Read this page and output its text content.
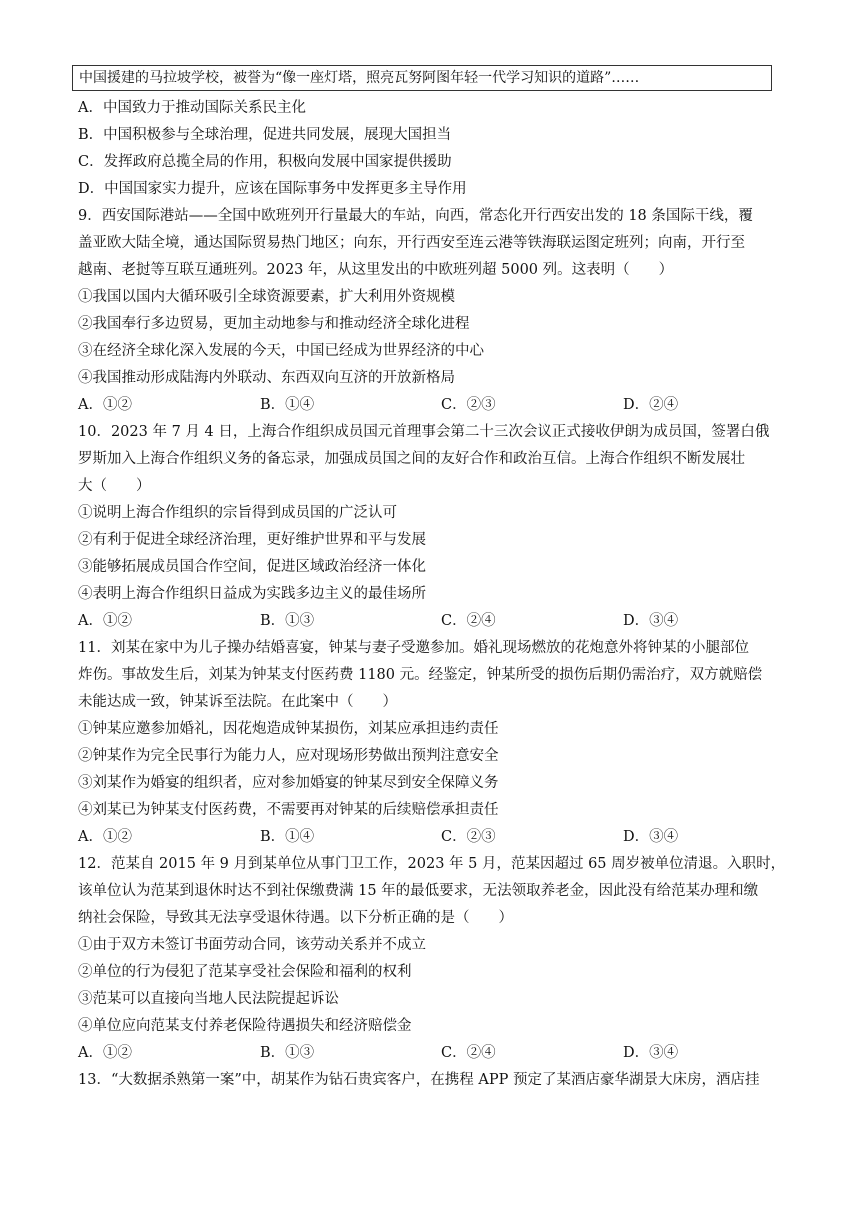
中国援建的马拉坡学校，被誉为“像一座灯塔，照亮瓦努阿图年轻一代学习知识的道路”……
A．中国致力于推动国际关系民主化
B．中国积极参与全球治理，促进共同发展，展现大国担当
C．发挥政府总揽全局的作用，积极向发展中国家提供援助
D．中国国家实力提升，应该在国际事务中发挥更多主导作用
9．西安国际港站——全国中欧班列开行量最大的车站，向西，常态化开行西安出发的 18 条国际干线，覆
盖亚欧大陆全境，通达国际贸易热门地区；向东，开行西安至连云港等铁海联运图定班列；向南，开行至
越南、老挝等互联互通班列。2023 年，从这里发出的中欧班列超 5000 列。这表明（　　）
①我国以国内大循环吸引全球资源要素，扩大利用外资规模
②我国奉行多边贸易，更加主动地参与和推动经济全球化进程
③在经济全球化深入发展的今天，中国已经成为世界经济的中心
④我国推动形成陆海内外联动、东西双向互济的开放新格局
A．①②	B．①④	C．②③	D．②④
10．2023 年 7 月 4 日，上海合作组织成员国元首理事会第二十三次会议正式接收伊朗为成员国，签署白俄
罗斯加入上海合作组织义务的备忘录，加强成员国之间的友好合作和政治互信。上海合作组织不断发展壮
大（　　）
①说明上海合作组织的宗旨得到成员国的广泛认可
②有利于促进全球经济治理，更好维护世界和平与发展
③能够拓展成员国合作空间，促进区域政治经济一体化
④表明上海合作组织日益成为实践多边主义的最佳场所
A．①②	B．①③	C．②④	D．③④
11．刘某在家中为儿子操办结婚喜宴，钟某与妻子受邀参加。婚礼现场燃放的花炮意外将钟某的小腿部位
炸伤。事故发生后，刘某为钟某支付医药费 1180 元。经鉴定，钟某所受的损伤后期仍需治疗，双方就赔偿
未能达成一致，钟某诉至法院。在此案中（　　）
①钟某应邀参加婚礼，因花炮造成钟某损伤，刘某应承担违约责任
②钟某作为完全民事行为能力人，应对现场形势做出预判注意安全
③刘某作为婚宴的组织者，应对参加婚宴的钟某尽到安全保障义务
④刘某已为钟某支付医药费，不需要再对钟某的后续赔偿承担责任
A．①②	B．①④	C．②③	D．③④
12．范某自 2015 年 9 月到某单位从事门卫工作，2023 年 5 月，范某因超过 65 周岁被单位清退。入职时，
该单位认为范某到退休时达不到社保缴费满 15 年的最低要求，无法领取养老金，因此没有给范某办理和缴
纳社会保险，导致其无法享受退休待遇。以下分析正确的是（　　）
①由于双方未签订书面劳动合同，该劳动关系并不成立
②单位的行为侵犯了范某享受社会保险和福利的权利
③范某可以直接向当地人民法院提起诉讼
④单位应向范某支付养老保险待遇损失和经济赔偿金
A．①②	B．①③	C．②④	D．③④
13．“大数据杀熟第一案”中，胡某作为钻石贵宾客户，在携程 APP 预定了某酒店豪华湖景大床房，酒店挂
